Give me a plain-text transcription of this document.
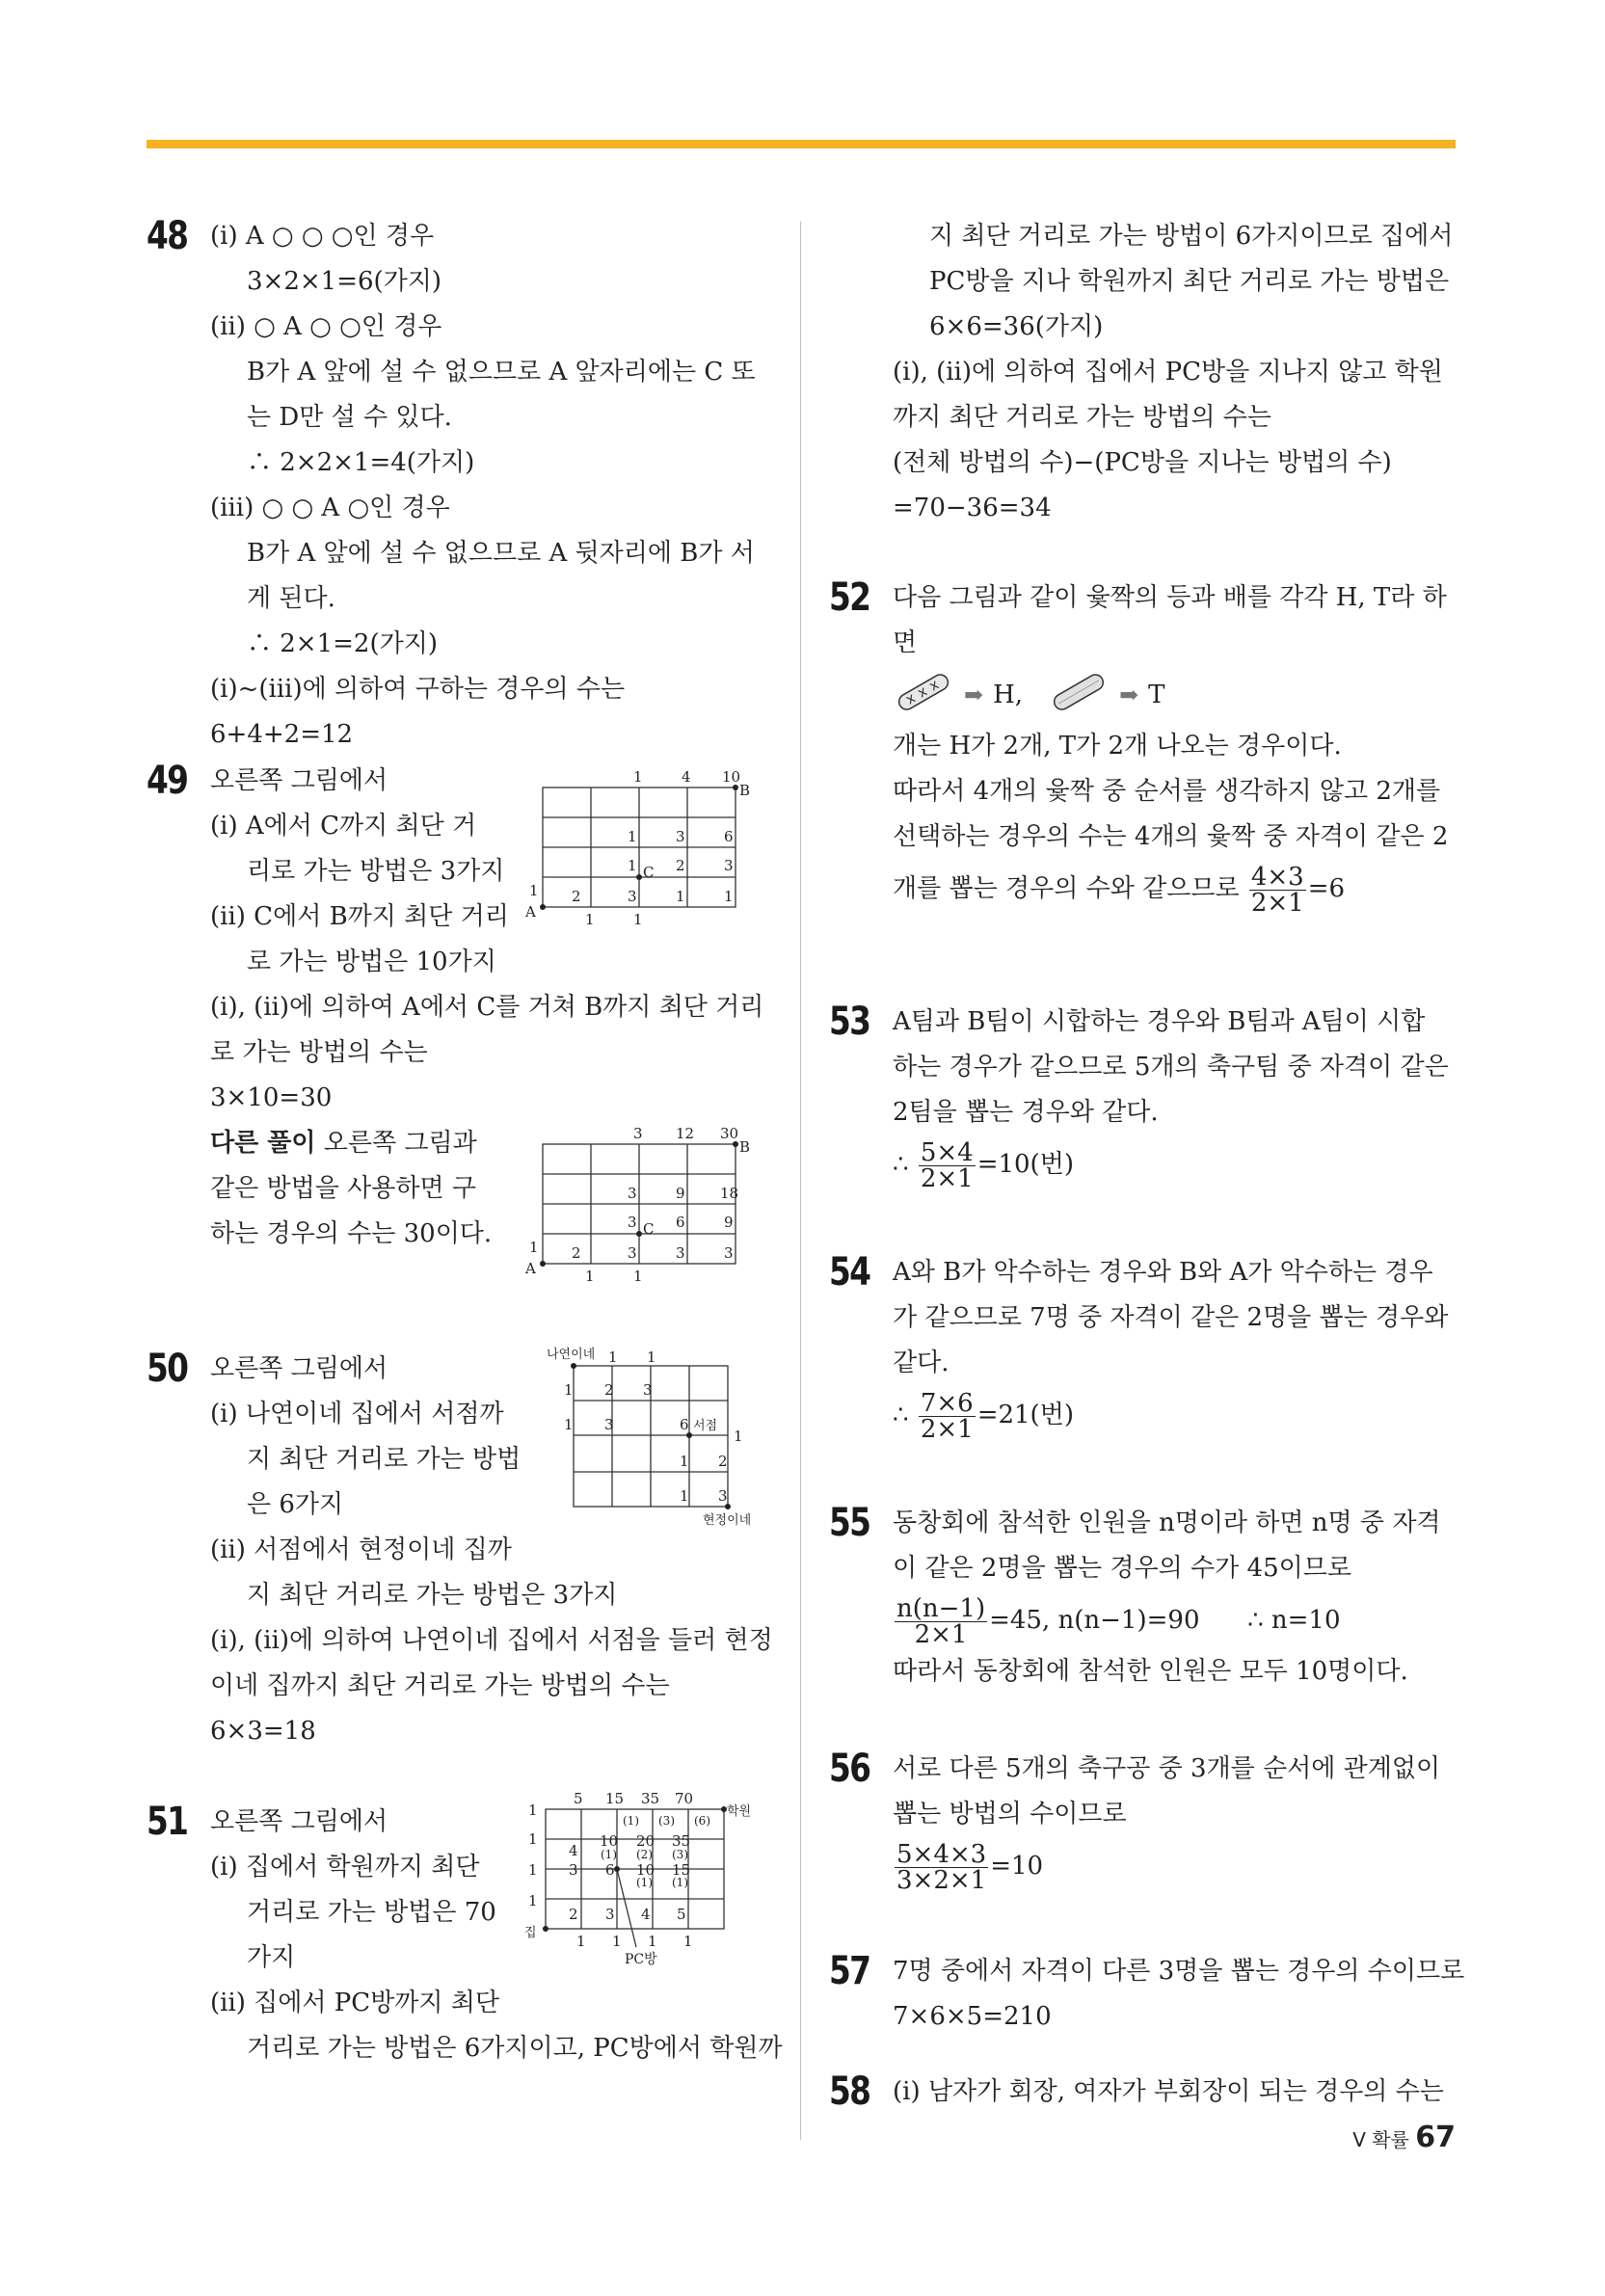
48 (ⅰ) A ○ ○ ○인 경우
3×2×1=6(가지)
(ⅱ) ○ A ○ ○인 경우
B가 A 앞에 설 수 없으므로 A 앞자리에는 C 또
는 D만 설 수 있다.
∴ 2×2×1=4(가지)
(ⅲ) ○ ○ A ○인 경우
B가 A 앞에 설 수 없으므로 A 뒷자리에 B가 서
게 된다.
∴ 2×1=2(가지)
(ⅰ)~(ⅲ)에 의하여 구하는 경우의 수는
6+4+2=12
49 오른쪽 그림에서
(ⅰ) A에서 C까지 최단 거
리로 가는 방법은 3가지
(ⅱ) C에서 B까지 최단 거리
로 가는 방법은 10가지
(ⅰ), (ⅱ)에 의하여 A에서 C를 거쳐 B까지 최단 거리
로 가는 방법의 수는
3×10=30
다른 풀이 오른쪽 그림과
같은 방법을 사용하면 구
하는 경우의 수는 30이다.
1	4 10
B
1	3	6
1 C 2	3
1 2	3	1	1
A	1	1
3 12 30
B
3	9 18
3 C 6	9
1 2	3	3	3
A	1	1
50 오른쪽 그림에서
(ⅰ) 나연이네 집에서 서점까
지 최단 거리로 가는 방법
은 6가지
(ⅱ) 서점에서 현정이네 집까
지 최단 거리로 가는 방법은 3가지
(ⅰ), (ⅱ)에 의하여 나연이네 집에서 서점을 들러 현정
이네 집까지 최단 거리로 가는 방법의 수는
6×3=18
나연이네 1 1
1 2 3
1 3	6 서점
1
1 2
1 3
현정이네
51 오른쪽 그림에서
(ⅰ) 집에서 학원까지 최단
거리로 가는 방법은 70
가지
(ⅱ) 집에서 PC방까지 최단
거리로 가는 방법은 6가지이고, PC방에서 학원까
1
5 15 35 70
학원
(1) (3) (6)
1
4
10 20 35
(1) (2) (3)
1 3 6 10 15
(1) (1)
1
2 3 4 5
집	1 1 1 1
PC방
지 최단 거리로 가는 방법이 6가지이므로 집에서
PC방을 지나 학원까지 최단 거리로 가는 방법은
6×6=36(가지)
(ⅰ), (ⅱ)에 의하여 집에서 PC방을 지나지 않고 학원
까지 최단 거리로 가는 방법의 수는
(전체 방법의 수)−(PC방을 지나는 방법의 수)
=70−36=34
52 다음 그림과 같이 윷짝의 등과 배를 각각 H, T라 하
면
➡ H,	➡ T
개는 H가 2개, T가 2개 나오는 경우이다.
따라서 4개의 윷짝 중 순서를 생각하지 않고 2개를
선택하는 경우의 수는 4개의 윷짝 중 자격이 같은 2
개를 뽑는 경우의 수와 같으므로 $\frac{4\times 3}{2\times 1} =6$
53 A팀과 B팀이 시합하는 경우와 B팀과 A팀이 시합
하는 경우가 같으므로 5개의 축구팀 중 자격이 같은
2팀을 뽑는 경우와 같다.
∴ $\frac{5\times 4}{2\times 1} =10$(번)
54 A와 B가 악수하는 경우와 B와 A가 악수하는 경우
가 같으므로 7명 중 자격이 같은 2명을 뽑는 경우와
같다.
∴ $\frac{7\times 6}{2\times 1} =21$(번)
55 동창회에 참석한 인원을 n명이라 하면 n명 중 자격
이 같은 2명을 뽑는 경우의 수가 45이므로
$\frac{n(n-1)}{2\times 1} =45$, n(n−1)=90      ∴ n=10
따라서 동창회에 참석한 인원은 모두 10명이다.
56 서로 다른 5개의 축구공 중 3개를 순서에 관계없이
뽑는 방법의 수이므로
$\frac{5\times 4\times 3}{3\times 2\times 1} =10$
57 7명 중에서 자격이 다른 3명을 뽑는 경우의 수이므로
7×6×5=210
58 (ⅰ) 남자가 회장, 여자가 부회장이 되는 경우의 수는
Ⅴ 확률 67
